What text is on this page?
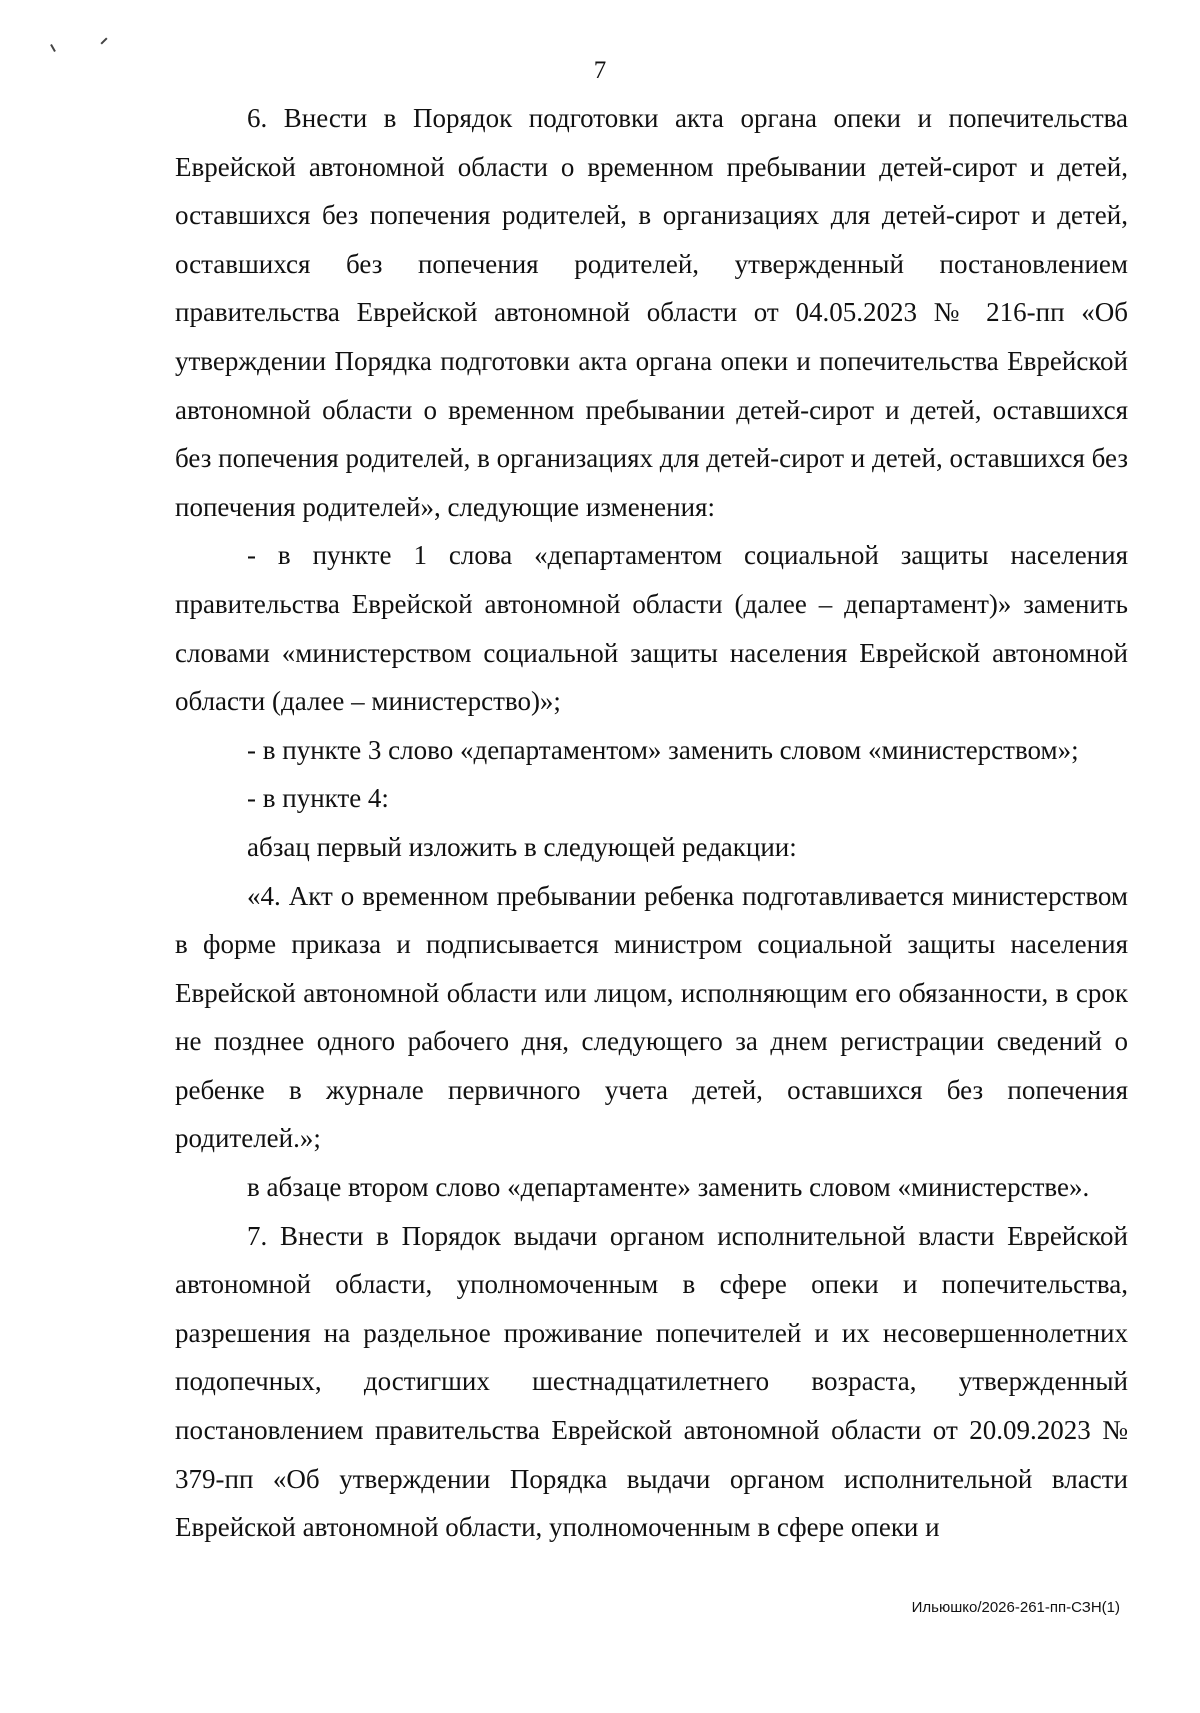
7

6. Внести в Порядок подготовки акта органа опеки и попечительства Еврейской автономной области о временном пребывании детей-сирот и детей, оставшихся без попечения родителей, в организациях для детей-сирот и детей, оставшихся без попечения родителей, утвержденный постановлением правительства Еврейской автономной области от 04.05.2023 № 216-пп «Об утверждении Порядка подготовки акта органа опеки и попечительства Еврейской автономной области о временном пребывании детей-сирот и детей, оставшихся без попечения родителей, в организациях для детей-сирот и детей, оставшихся без попечения родителей», следующие изменения:

- в пункте 1 слова «департаментом социальной защиты населения правительства Еврейской автономной области (далее – департамент)» заменить словами «министерством социальной защиты населения Еврейской автономной области (далее – министерство)»;

- в пункте 3 слово «департаментом» заменить словом «министерством»;

- в пункте 4:

абзац первый изложить в следующей редакции:

«4. Акт о временном пребывании ребенка подготавливается министерством в форме приказа и подписывается министром социальной защиты населения Еврейской автономной области или лицом, исполняющим его обязанности, в срок не позднее одного рабочего дня, следующего за днем регистрации сведений о ребенке в журнале первичного учета детей, оставшихся без попечения родителей.»;

в абзаце втором слово «департаменте» заменить словом «министерстве».

7. Внести в Порядок выдачи органом исполнительной власти Еврейской автономной области, уполномоченным в сфере опеки и попечительства, разрешения на раздельное проживание попечителей и их несовершеннолетних подопечных, достигших шестнадцатилетнего возраста, утвержденный постановлением правительства Еврейской автономной области от 20.09.2023 № 379-пп «Об утверждении Порядка выдачи органом исполнительной власти Еврейской автономной области, уполномоченным в сфере опеки и

Ильюшко/2026-261-пп-СЗН(1)
